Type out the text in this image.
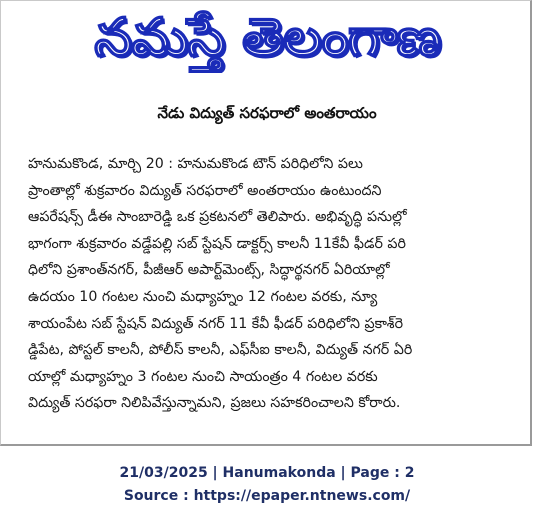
నమస్తే తెలంగాణ
నేడు విద్యుత్ సరఫరాలో అంతరాయం
హనుమకొండ, మార్చి 20 : హనుమకొండ టౌన్ పరిధిలోని పలు
ప్రాంతాల్లో శుక్రవారం విద్యుత్ సరఫరాలో అంతరాయం ఉంటుందని
ఆపరేషన్స్ డీఈ సాంబారెడ్డి ఒక ప్రకటనలో తెలిపారు. అభివృద్ధి పనుల్లో
భాగంగా శుక్రవారం వడ్డేపల్లి సబ్ స్టేషన్ డాక్టర్స్ కాలనీ 11కేవీ ఫీడర్ పరి
ధిలోని ప్రశాంత్‌నగర్, పీజీఆర్ అపార్ట్‌మెంట్స్, సిద్ధార్థనగర్ ఏరియాల్లో
ఉదయం 10 గంటల నుంచి మధ్యాహ్నం 12 గంటల వరకు, న్యూ
శాయంపేట సబ్ స్టేషన్ విద్యుత్ నగర్ 11 కేవీ ఫీడర్ పరిధిలోని ప్రకాశ్‌రె
డ్డిపేట, పోస్టల్ కాలనీ, పోలీస్ కాలనీ, ఎఫ్‌సీఐ కాలనీ, విద్యుత్ నగర్ ఏరి
యాల్లో మధ్యాహ్నం 3 గంటల నుంచి సాయంత్రం 4 గంటల వరకు
విద్యుత్ సరఫరా నిలిపివేస్తున్నామని, ప్రజలు సహకరించాలని కోరారు.
21/03/2025 | Hanumakonda | Page : 2
Source : https://epaper.ntnews.com/
